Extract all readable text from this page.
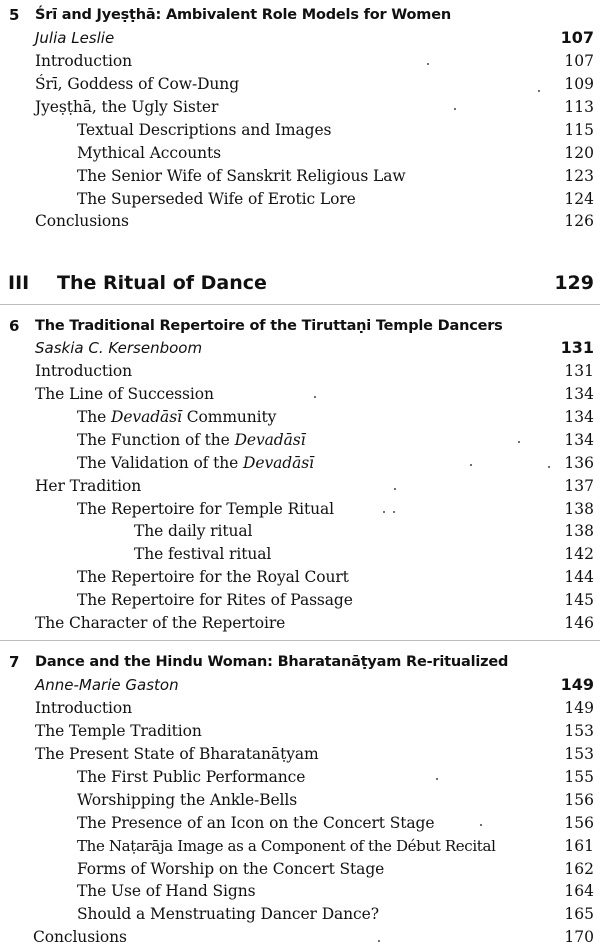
5 Śrī and Jyeṣṭhā: Ambivalent Role Models for Women
Julia Leslie	107
Introduction	107
Śrī, Goddess of Cow-Dung	109
Jyeṣṭhā, the Ugly Sister	113
Textual Descriptions and Images	115
Mythical Accounts	120
The Senior Wife of Sanskrit Religious Law	123
The Superseded Wife of Erotic Lore	124
Conclusions	126
III The Ritual of Dance	129
6 The Traditional Repertoire of the Tiruttaṇi Temple Dancers
Saskia C. Kersenboom	131
Introduction	131
The Line of Succession	134
The Devadāsī Community	134
The Function of the Devadāsī	134
The Validation of the Devadāsī	136
Her Tradition	137
The Repertoire for Temple Ritual	138
The daily ritual	138
The festival ritual	142
The Repertoire for the Royal Court	144
The Repertoire for Rites of Passage	145
The Character of the Repertoire	146
7 Dance and the Hindu Woman: Bharatanāṭyam Re-ritualized
Anne-Marie Gaston	149
Introduction	149
The Temple Tradition	153
The Present State of Bharatanāṭyam	153
The First Public Performance	155
Worshipping the Ankle-Bells	156
The Presence of an Icon on the Concert Stage	156
The Naṭarāja Image as a Component of the Début Recital	161
Forms of Worship on the Concert Stage	162
The Use of Hand Signs	164
Should a Menstruating Dancer Dance?	165
Conclusions	170
